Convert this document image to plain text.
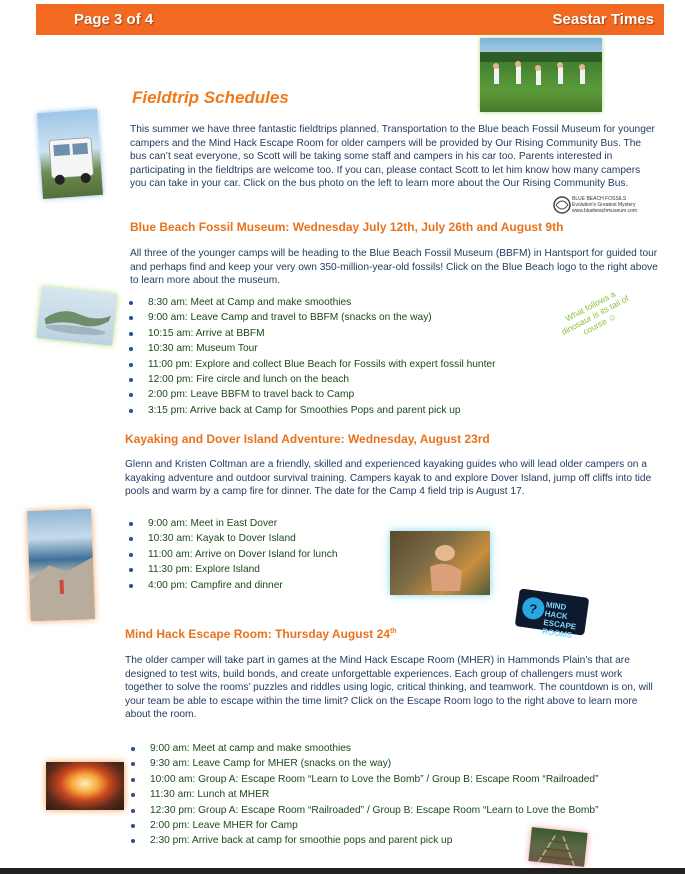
Page 3 of 4	Seastar Times
Fieldtrip Schedules
This summer we have three fantastic fieldtrips planned. Transportation to the Blue beach Fossil Museum for younger campers and the Mind Hack Escape Room for older campers will be provided by Our Rising Community Bus. The bus can’t seat everyone, so Scott will be taking some staff and campers in his car too. Parents interested in participating in the fieldtrips are welcome too. If you can, please contact Scott to let him know how many campers you can take in your car. Click on the bus photo on the left to learn more about the Our Rising Community Bus.
BLUE BEACH FOSSILS Evolution's Greatest Mystery www.bluebeachmuseum.com
Blue Beach Fossil Museum: Wednesday July 12th, July 26th and August 9th
All three of the younger camps will be heading to the Blue Beach Fossil Museum (BBFM) in Hantsport for guided tour and perhaps find and keep your very own 350-million-year-old fossils! Click on the Blue Beach logo to the right above to learn more about the museum.
What follows a dinosaur is its tail of course ☺
8:30 am: Meet at Camp and make smoothies
9:00 am: Leave Camp and travel to BBFM (snacks on the way)
10:15 am: Arrive at BBFM
10:30 am: Museum Tour
11:00 pm: Explore and collect Blue Beach for Fossils with expert fossil hunter
12:00 pm: Fire circle and lunch on the beach
2:00 pm: Leave BBFM to travel back to Camp
3:15 pm: Arrive back at Camp for Smoothies Pops and parent pick up
Kayaking and Dover Island Adventure: Wednesday, August 23rd
Glenn and Kristen Coltman are a friendly, skilled and experienced kayaking guides who will lead older campers on a kayaking adventure and outdoor survival training. Campers kayak to and explore Dover Island, jump off cliffs into tide pools and warm by a camp fire for dinner. The date for the Camp 4 field trip is August 17.
9:00 am: Meet in East Dover
10:30 am: Kayak to Dover Island
11:00 am: Arrive on Dover Island for lunch
11:30 pm: Explore Island
4:00 pm: Campfire and dinner
? MIND HACK ESCAPE ROOMS
Mind Hack Escape Room: Thursday August 24th
The older camper will take part in games at the Mind Hack Escape Room (MHER) in Hammonds Plain’s that are designed to test wits, build bonds, and create unforgettable experiences. Each group of challengers must work together to solve the rooms’ puzzles and riddles using logic, critical thinking, and teamwork. The countdown is on, will your team be able to escape within the time limit? Click on the Escape Room logo to the right above to learn more about the room.
9:00 am: Meet at camp and make smoothies
9:30 am: Leave Camp for MHER (snacks on the way)
10:00 am: Group A: Escape Room “Learn to Love the Bomb” / Group B: Escape Room “Railroaded”
11:30 am: Lunch at MHER
12:30 pm: Group A: Escape Room “Railroaded” / Group B: Escape Room “Learn to Love the Bomb”
2:00 pm: Leave MHER for Camp
2:30 pm: Arrive back at camp for smoothie pops and parent pick up
